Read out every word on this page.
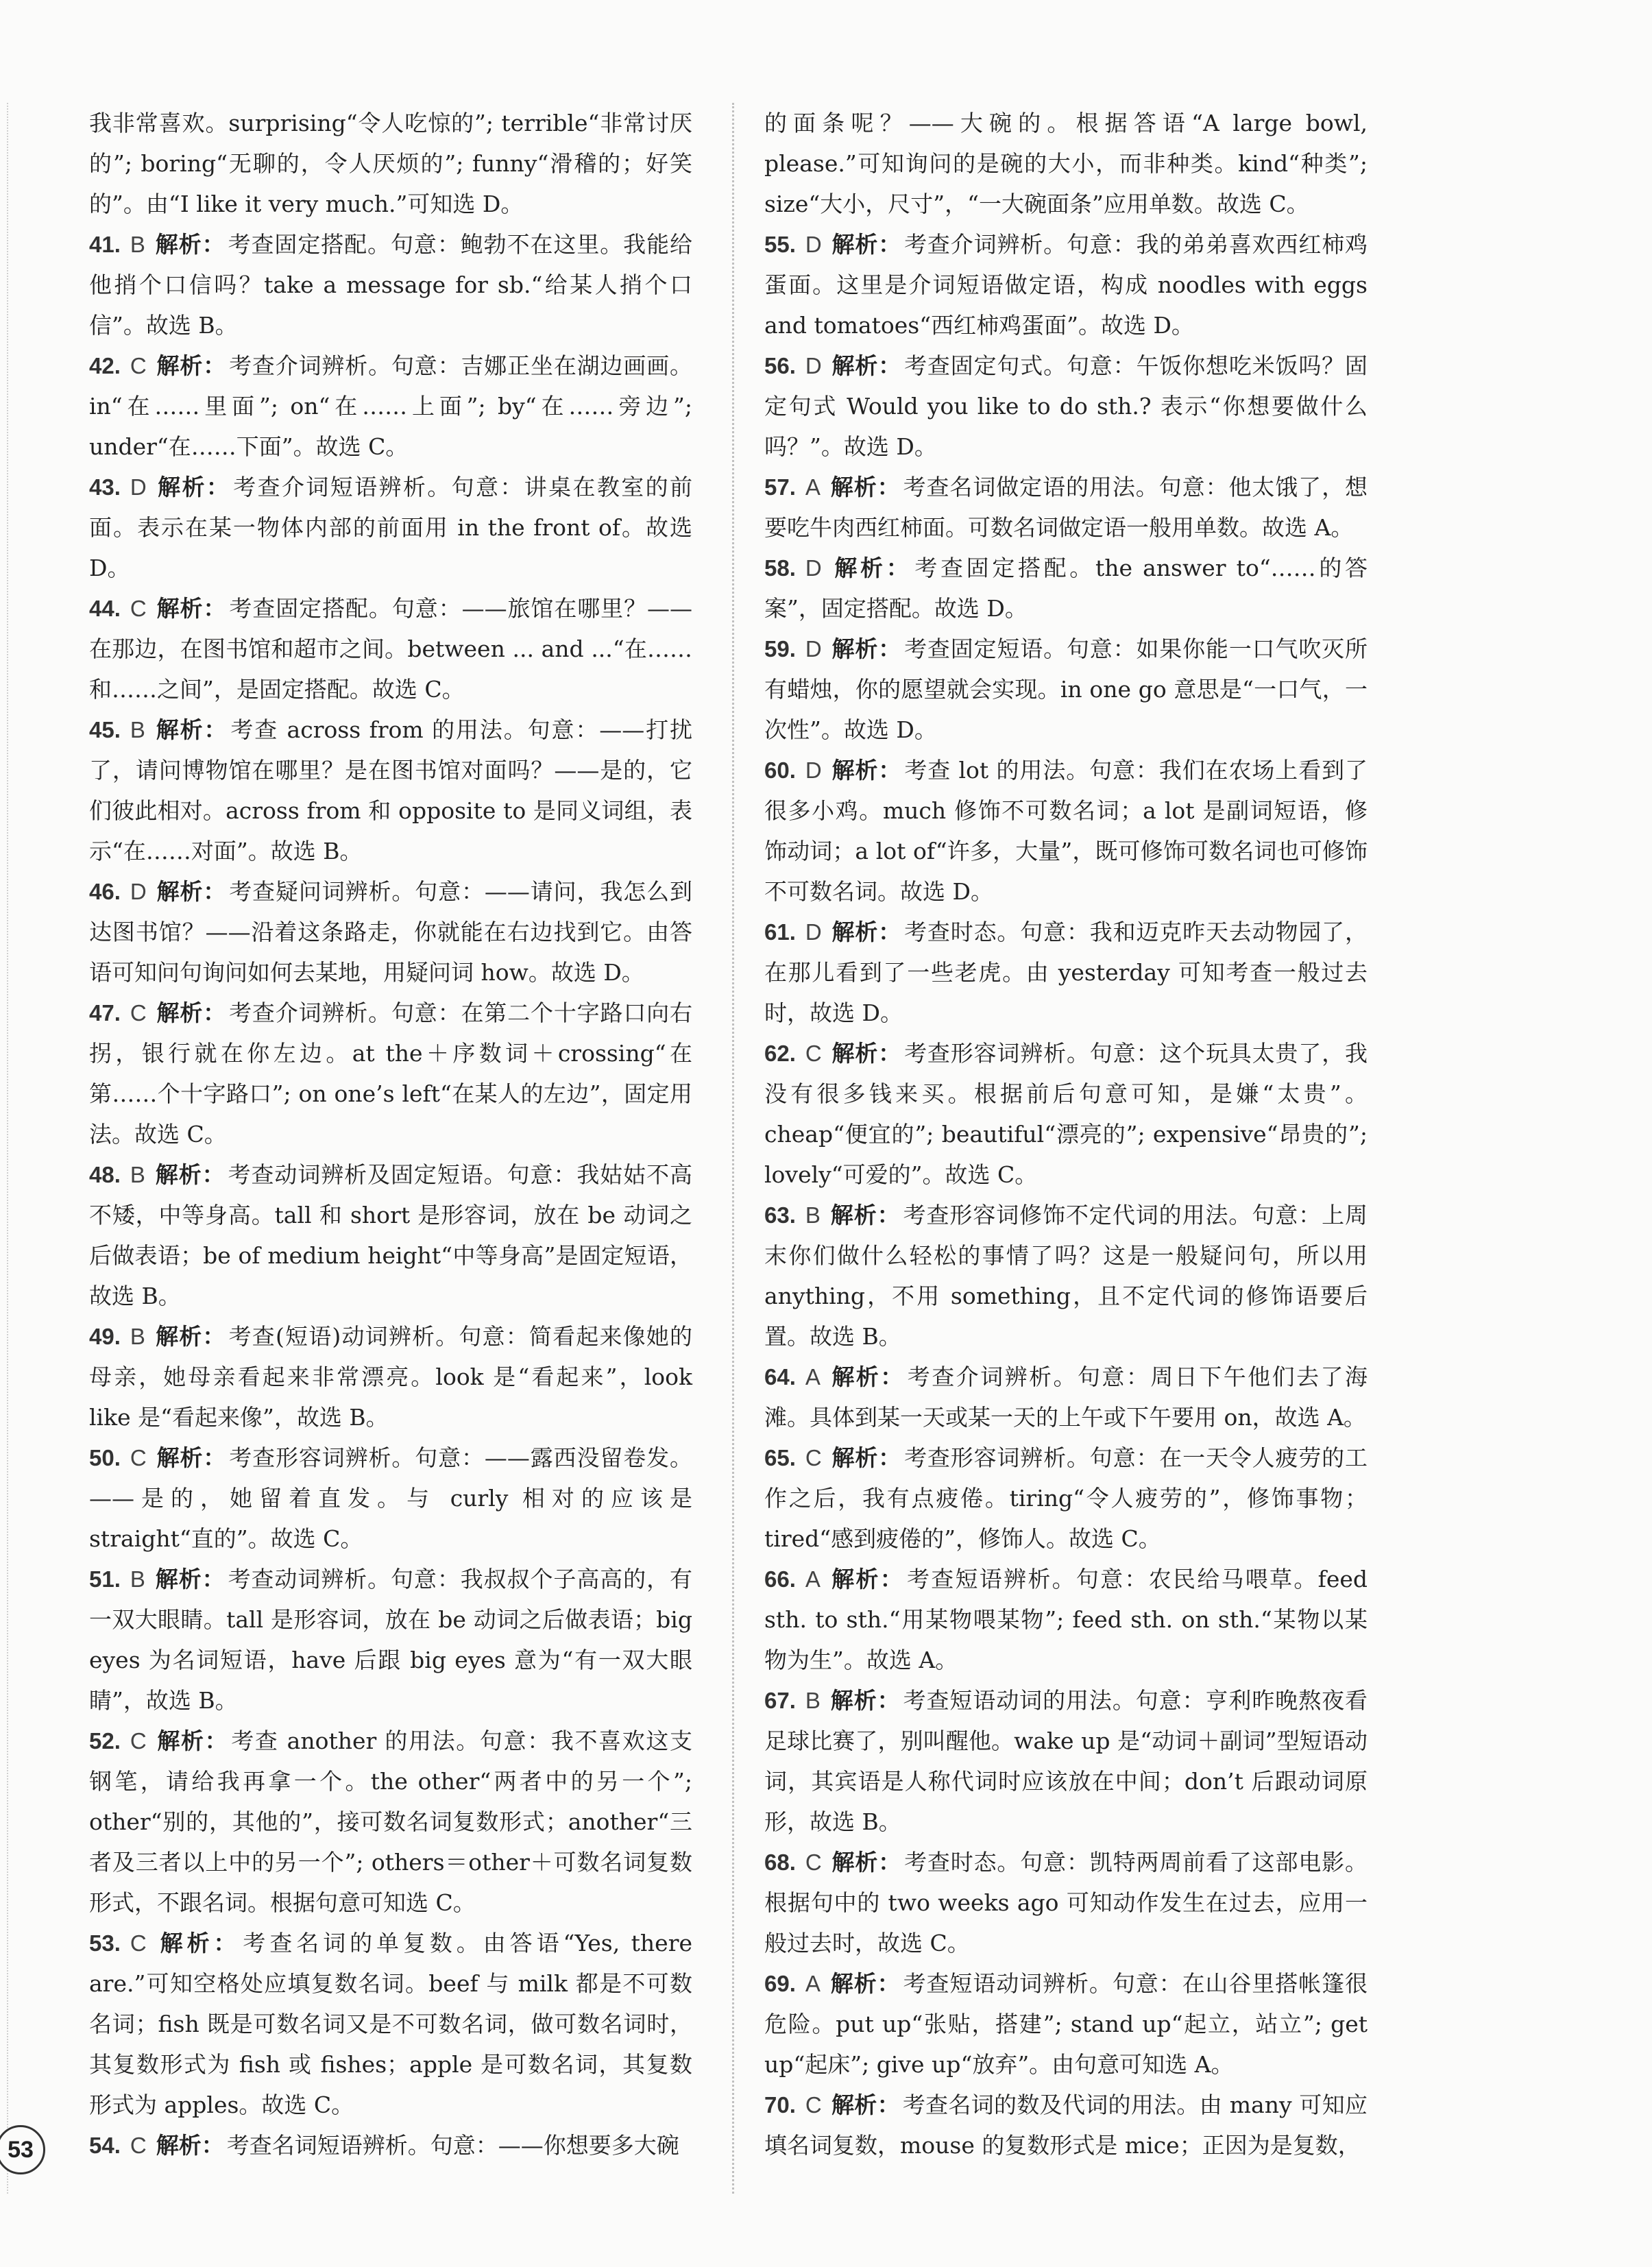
我非常喜欢。surprising“令人吃惊的”; terrible“非常讨厌的”; boring“无聊的，令人厌烦的”; funny“滑稽的；好笑的”。由“I like it very much.”可知选 D。

41. B 解析： 考查固定搭配。句意：鲍勃不在这里。我能给他捎个口信吗？take a message for sb.“给某人捎个口信”。故选 B。

42. C 解析： 考查介词辨析。句意：吉娜正坐在湖边画画。in“在……里面”; on“在……上面”; by“在……旁边”; under“在……下面”。故选 C。

43. D 解析： 考查介词短语辨析。句意：讲桌在教室的前面。表示在某一物体内部的前面用 in the front of。故选 D。

44. C 解析： 考查固定搭配。句意：——旅馆在哪里？——在那边，在图书馆和超市之间。between ... and ...“在……和……之间”，是固定搭配。故选 C。

45. B 解析： 考查 across from 的用法。句意：——打扰了，请问博物馆在哪里？是在图书馆对面吗？——是的，它们彼此相对。across from 和 opposite to 是同义词组，表示“在……对面”。故选 B。

46. D 解析： 考查疑问词辨析。句意：——请问，我怎么到达图书馆？——沿着这条路走，你就能在右边找到它。由答语可知问句询问如何去某地，用疑问词 how。故选 D。

47. C 解析： 考查介词辨析。句意：在第二个十字路口向右拐，银行就在你左边。at the＋序数词＋crossing“在第……个十字路口”; on one’s left“在某人的左边”，固定用法。故选 C。

48. B 解析： 考查动词辨析及固定短语。句意：我姑姑不高不矮，中等身高。tall 和 short 是形容词，放在 be 动词之后做表语；be of medium height“中等身高”是固定短语，故选 B。

49. B 解析： 考查(短语)动词辨析。句意：简看起来像她的母亲，她母亲看起来非常漂亮。look 是“看起来”，look like 是“看起来像”，故选 B。

50. C 解析： 考查形容词辨析。句意：——露西没留卷发。——是的，她留着直发。与 curly 相对的应该是 straight“直的”。故选 C。

51. B 解析： 考查动词辨析。句意：我叔叔个子高高的，有一双大眼睛。tall 是形容词，放在 be 动词之后做表语；big eyes 为名词短语，have 后跟 big eyes 意为“有一双大眼睛”，故选 B。

52. C 解析： 考查 another 的用法。句意：我不喜欢这支钢笔，请给我再拿一个。the other“两者中的另一个”; other“别的，其他的”，接可数名词复数形式；another“三者及三者以上中的另一个”; others＝other＋可数名词复数形式，不跟名词。根据句意可知选 C。

53. C 解析： 考查名词的单复数。由答语“Yes, there are.”可知空格处应填复数名词。beef 与 milk 都是不可数名词；fish 既是可数名词又是不可数名词，做可数名词时，其复数形式为 fish 或 fishes；apple 是可数名词，其复数形式为 apples。故选 C。

54. C 解析： 考查名词短语辨析。句意：——你想要多大碗

的面条呢？——大碗的。根据答语“A large bowl, please.”可知询问的是碗的大小，而非种类。kind“种类”; size“大小，尺寸”，“一大碗面条”应用单数。故选 C。

55. D 解析： 考查介词辨析。句意：我的弟弟喜欢西红柿鸡蛋面。这里是介词短语做定语，构成 noodles with eggs and tomatoes“西红柿鸡蛋面”。故选 D。

56. D 解析： 考查固定句式。句意：午饭你想吃米饭吗？固定句式 Would you like to do sth.? 表示“你想要做什么吗？”。故选 D。

57. A 解析： 考查名词做定语的用法。句意：他太饿了，想要吃牛肉西红柿面。可数名词做定语一般用单数。故选 A。

58. D 解析： 考查固定搭配。the answer to“……的答案”，固定搭配。故选 D。

59. D 解析： 考查固定短语。句意：如果你能一口气吹灭所有蜡烛，你的愿望就会实现。in one go 意思是“一口气，一次性”。故选 D。

60. D 解析： 考查 lot 的用法。句意：我们在农场上看到了很多小鸡。much 修饰不可数名词；a lot 是副词短语，修饰动词；a lot of“许多，大量”，既可修饰可数名词也可修饰不可数名词。故选 D。

61. D 解析： 考查时态。句意：我和迈克昨天去动物园了，在那儿看到了一些老虎。由 yesterday 可知考查一般过去时，故选 D。

62. C 解析： 考查形容词辨析。句意：这个玩具太贵了，我没有很多钱来买。根据前后句意可知，是嫌“太贵”。cheap“便宜的”; beautiful“漂亮的”; expensive“昂贵的”; lovely“可爱的”。故选 C。

63. B 解析： 考查形容词修饰不定代词的用法。句意：上周末你们做什么轻松的事情了吗？这是一般疑问句，所以用 anything，不用 something，且不定代词的修饰语要后置。故选 B。

64. A 解析： 考查介词辨析。句意：周日下午他们去了海滩。具体到某一天或某一天的上午或下午要用 on，故选 A。

65. C 解析： 考查形容词辨析。句意：在一天令人疲劳的工作之后，我有点疲倦。tiring“令人疲劳的”，修饰事物；tired“感到疲倦的”，修饰人。故选 C。

66. A 解析： 考查短语辨析。句意：农民给马喂草。feed sth. to sth.“用某物喂某物”; feed sth. on sth.“某物以某物为生”。故选 A。

67. B 解析： 考查短语动词的用法。句意：亨利昨晚熬夜看足球比赛了，别叫醒他。wake up 是“动词＋副词”型短语动词，其宾语是人称代词时应该放在中间；don’t 后跟动词原形，故选 B。

68. C 解析： 考查时态。句意：凯特两周前看了这部电影。根据句中的 two weeks ago 可知动作发生在过去，应用一般过去时，故选 C。

69. A 解析： 考查短语动词辨析。句意：在山谷里搭帐篷很危险。put up“张贴，搭建”; stand up“起立，站立”; get up“起床”; give up“放弃”。由句意可知选 A。

70. C 解析： 考查名词的数及代词的用法。由 many 可知应填名词复数，mouse 的复数形式是 mice；正因为是复数，

53
